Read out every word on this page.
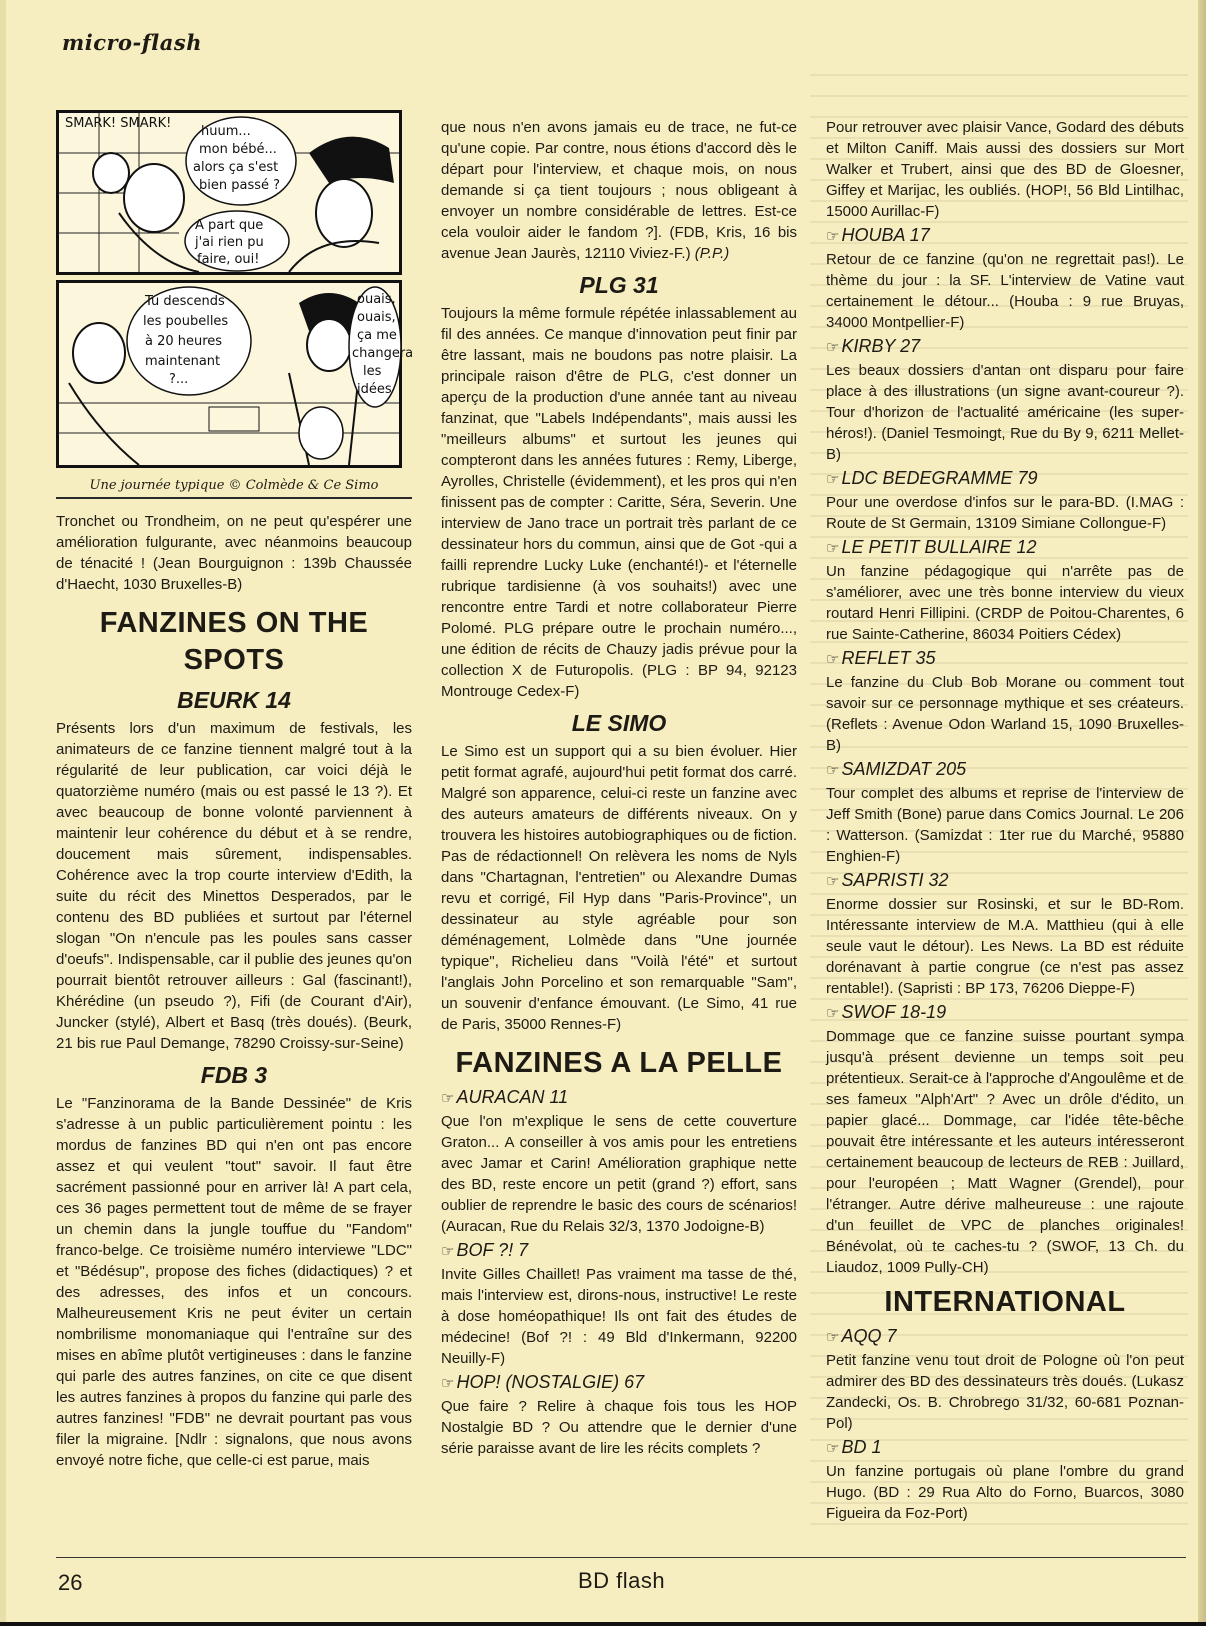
micro-flash
SMARK! SMARK!
huum...
mon bébé...
alors ça s'est
bien passé ?
A part que
j'ai rien pu
faire, oui!
Tu descends
les poubelles
à 20 heures
maintenant
?...
ouais,
ouais,
ça me
changera
les
idées
Une journée typique © Colmède & Ce Simo

Tronchet ou Trondheim, on ne peut qu'espérer une amélioration fulgurante, avec néanmoins beaucoup de ténacité ! (Jean Bourguignon : 139b Chaussée d'Haecht, 1030 Bruxelles-B)

FANZINES ON THE SPOTS
BEURK 14

Présents lors d'un maximum de festivals, les animateurs de ce fanzine tiennent malgré tout à la régularité de leur publication, car voici déjà le quatorzième numéro (mais ou est passé le 13 ?). Et avec beaucoup de bonne volonté parviennent à maintenir leur cohérence du début et à se rendre, doucement mais sûrement, indispensables. Cohérence avec la trop courte interview d'Edith, la suite du récit des Minettos Desperados, par le contenu des BD publiées et surtout par l'éternel slogan "On n'encule pas les poules sans casser d'oeufs". Indispensable, car il publie des jeunes qu'on pourrait bientôt retrouver ailleurs : Gal (fascinant!), Khérédine (un pseudo ?), Fifi (de Courant d'Air), Juncker (stylé), Albert et Basq (très doués). (Beurk, 21 bis rue Paul Demange, 78290 Croissy-sur-Seine)

FDB 3

Le "Fanzinorama de la Bande Dessinée" de Kris s'adresse à un public particulièrement pointu : les mordus de fanzines BD qui n'en ont pas encore assez et qui veulent "tout" savoir. Il faut être sacrément passionné pour en arriver là! A part cela, ces 36 pages permettent tout de même de se frayer un chemin dans la jungle touffue du "Fandom" franco-belge. Ce troisième numéro interviewe "LDC" et "Bédésup", propose des fiches (didactiques) ? et des adresses, des infos et un concours. Malheureusement Kris ne peut éviter un certain nombrilisme monomaniaque qui l'entraîne sur des mises en abîme plutôt vertigineuses : dans le fanzine qui parle des autres fanzines, on cite ce que disent les autres fanzines à propos du fanzine qui parle des autres fanzines! "FDB" ne devrait pourtant pas vous filer la migraine. [Ndlr : signalons, que nous avons envoyé notre fiche, que celle-ci est parue, mais

que nous n'en avons jamais eu de trace, ne fut-ce qu'une copie. Par contre, nous étions d'accord dès le départ pour l'interview, et chaque mois, on nous demande si ça tient toujours ; nous obligeant à envoyer un nombre considérable de lettres. Est-ce cela vouloir aider le fandom ?]. (FDB, Kris, 16 bis avenue Jean Jaurès, 12110 Viviez-F.) (P.P.)

PLG 31

Toujours la même formule répétée inlassablement au fil des années. Ce manque d'innovation peut finir par être lassant, mais ne boudons pas notre plaisir. La principale raison d'être de PLG, c'est donner un aperçu de la production d'une année tant au niveau fanzinat, que "Labels Indépendants", mais aussi les "meilleurs albums" et surtout les jeunes qui compteront dans les années futures : Remy, Liberge, Ayrolles, Christelle (évidemment), et les pros qui n'en finissent pas de compter : Caritte, Séra, Severin. Une interview de Jano trace un portrait très parlant de ce dessinateur hors du commun, ainsi que de Got -qui a failli reprendre Lucky Luke (enchanté!)- et l'éternelle rubrique tardisienne (à vos souhaits!) avec une rencontre entre Tardi et notre collaborateur Pierre Polomé. PLG prépare outre le prochain numéro..., une édition de récits de Chauzy jadis prévue pour la collection X de Futuropolis. (PLG : BP 94, 92123 Montrouge Cedex-F)

LE SIMO

Le Simo est un support qui a su bien évoluer. Hier petit format agrafé, aujourd'hui petit format dos carré. Malgré son apparence, celui-ci reste un fanzine avec des auteurs amateurs de différents niveaux. On y trouvera les histoires autobiographiques ou de fiction. Pas de rédactionnel! On relèvera les noms de Nyls dans "Chartagnan, l'entretien" ou Alexandre Dumas revu et corrigé, Fil Hyp dans "Paris-Province", un dessinateur au style agréable pour son déménagement, Lolmède dans "Une journée typique", Richelieu dans "Voilà l'été" et surtout l'anglais John Porcelino et son remarquable "Sam", un souvenir d'enfance émouvant. (Le Simo, 41 rue de Paris, 35000 Rennes-F)

FANZINES A LA PELLE
☞ AURACAN 11

Que l'on m'explique le sens de cette couverture Graton... A conseiller à vos amis pour les entretiens avec Jamar et Carin! Amélioration graphique nette des BD, reste encore un petit (grand ?) effort, sans oublier de reprendre le basic des cours de scénarios! (Auracan, Rue du Relais 32/3, 1370 Jodoigne-B)

☞ BOF ?! 7

Invite Gilles Chaillet! Pas vraiment ma tasse de thé, mais l'interview est, dirons-nous, instructive! Le reste à dose homéopathique! Ils ont fait des études de médecine! (Bof ?! : 49 Bld d'Inkermann, 92200 Neuilly-F)

☞ HOP! (NOSTALGIE) 67

Que faire ? Relire à chaque fois tous les HOP Nostalgie BD ? Ou attendre que le dernier d'une série paraisse avant de lire les récits complets ?

Pour retrouver avec plaisir Vance, Godard des débuts et Milton Caniff. Mais aussi des dossiers sur Mort Walker et Trubert, ainsi que des BD de Gloesner, Giffey et Marijac, les oubliés. (HOP!, 56 Bld Lintilhac, 15000 Aurillac-F)

☞ HOUBA 17

Retour de ce fanzine (qu'on ne regrettait pas!). Le thème du jour : la SF. L'interview de Vatine vaut certainement le détour... (Houba : 9 rue Bruyas, 34000 Montpellier-F)

☞ KIRBY 27

Les beaux dossiers d'antan ont disparu pour faire place à des illustrations (un signe avant-coureur ?). Tour d'horizon de l'actualité américaine (les super-héros!). (Daniel Tesmoingt, Rue du By 9, 6211 Mellet-B)

☞ LDC BEDEGRAMME 79

Pour une overdose d'infos sur le para-BD. (I.MAG : Route de St Germain, 13109 Simiane Collongue-F)

☞ LE PETIT BULLAIRE 12

Un fanzine pédagogique qui n'arrête pas de s'améliorer, avec une très bonne interview du vieux routard Henri Fillipini. (CRDP de Poitou-Charentes, 6 rue Sainte-Catherine, 86034 Poitiers Cédex)

☞ REFLET 35

Le fanzine du Club Bob Morane ou comment tout savoir sur ce personnage mythique et ses créateurs. (Reflets : Avenue Odon Warland 15, 1090 Bruxelles-B)

☞ SAMIZDAT 205

Tour complet des albums et reprise de l'interview de Jeff Smith (Bone) parue dans Comics Journal. Le 206 : Watterson. (Samizdat : 1ter rue du Marché, 95880 Enghien-F)

☞ SAPRISTI 32

Enorme dossier sur Rosinski, et sur le BD-Rom. Intéressante interview de M.A. Matthieu (qui à elle seule vaut le détour). Les News. La BD est réduite dorénavant à partie congrue (ce n'est pas assez rentable!). (Sapristi : BP 173, 76206 Dieppe-F)

☞ SWOF 18-19

Dommage que ce fanzine suisse pourtant sympa jusqu'à présent devienne un temps soit peu prétentieux. Serait-ce à l'approche d'Angoulême et de ses fameux "Alph'Art" ? Avec un drôle d'édito, un papier glacé... Dommage, car l'idée tête-bêche pouvait être intéressante et les auteurs intéresseront certainement beaucoup de lecteurs de REB : Juillard, pour l'européen ; Matt Wagner (Grendel), pour l'étranger. Autre dérive malheureuse : une rajoute d'un feuillet de VPC de planches originales! Bénévolat, où te caches-tu ? (SWOF, 13 Ch. du Liaudoz, 1009 Pully-CH)

INTERNATIONAL
☞ AQQ 7

Petit fanzine venu tout droit de Pologne où l'on peut admirer des BD des dessinateurs très doués. (Lukasz Zandecki, Os. B. Chrobrego 31/32, 60-681 Poznan-Pol)

☞ BD 1

Un fanzine portugais où plane l'ombre du grand Hugo. (BD : 29 Rua Alto do Forno, Buarcos, 3080 Figueira da Foz-Port)

26	BD flash
